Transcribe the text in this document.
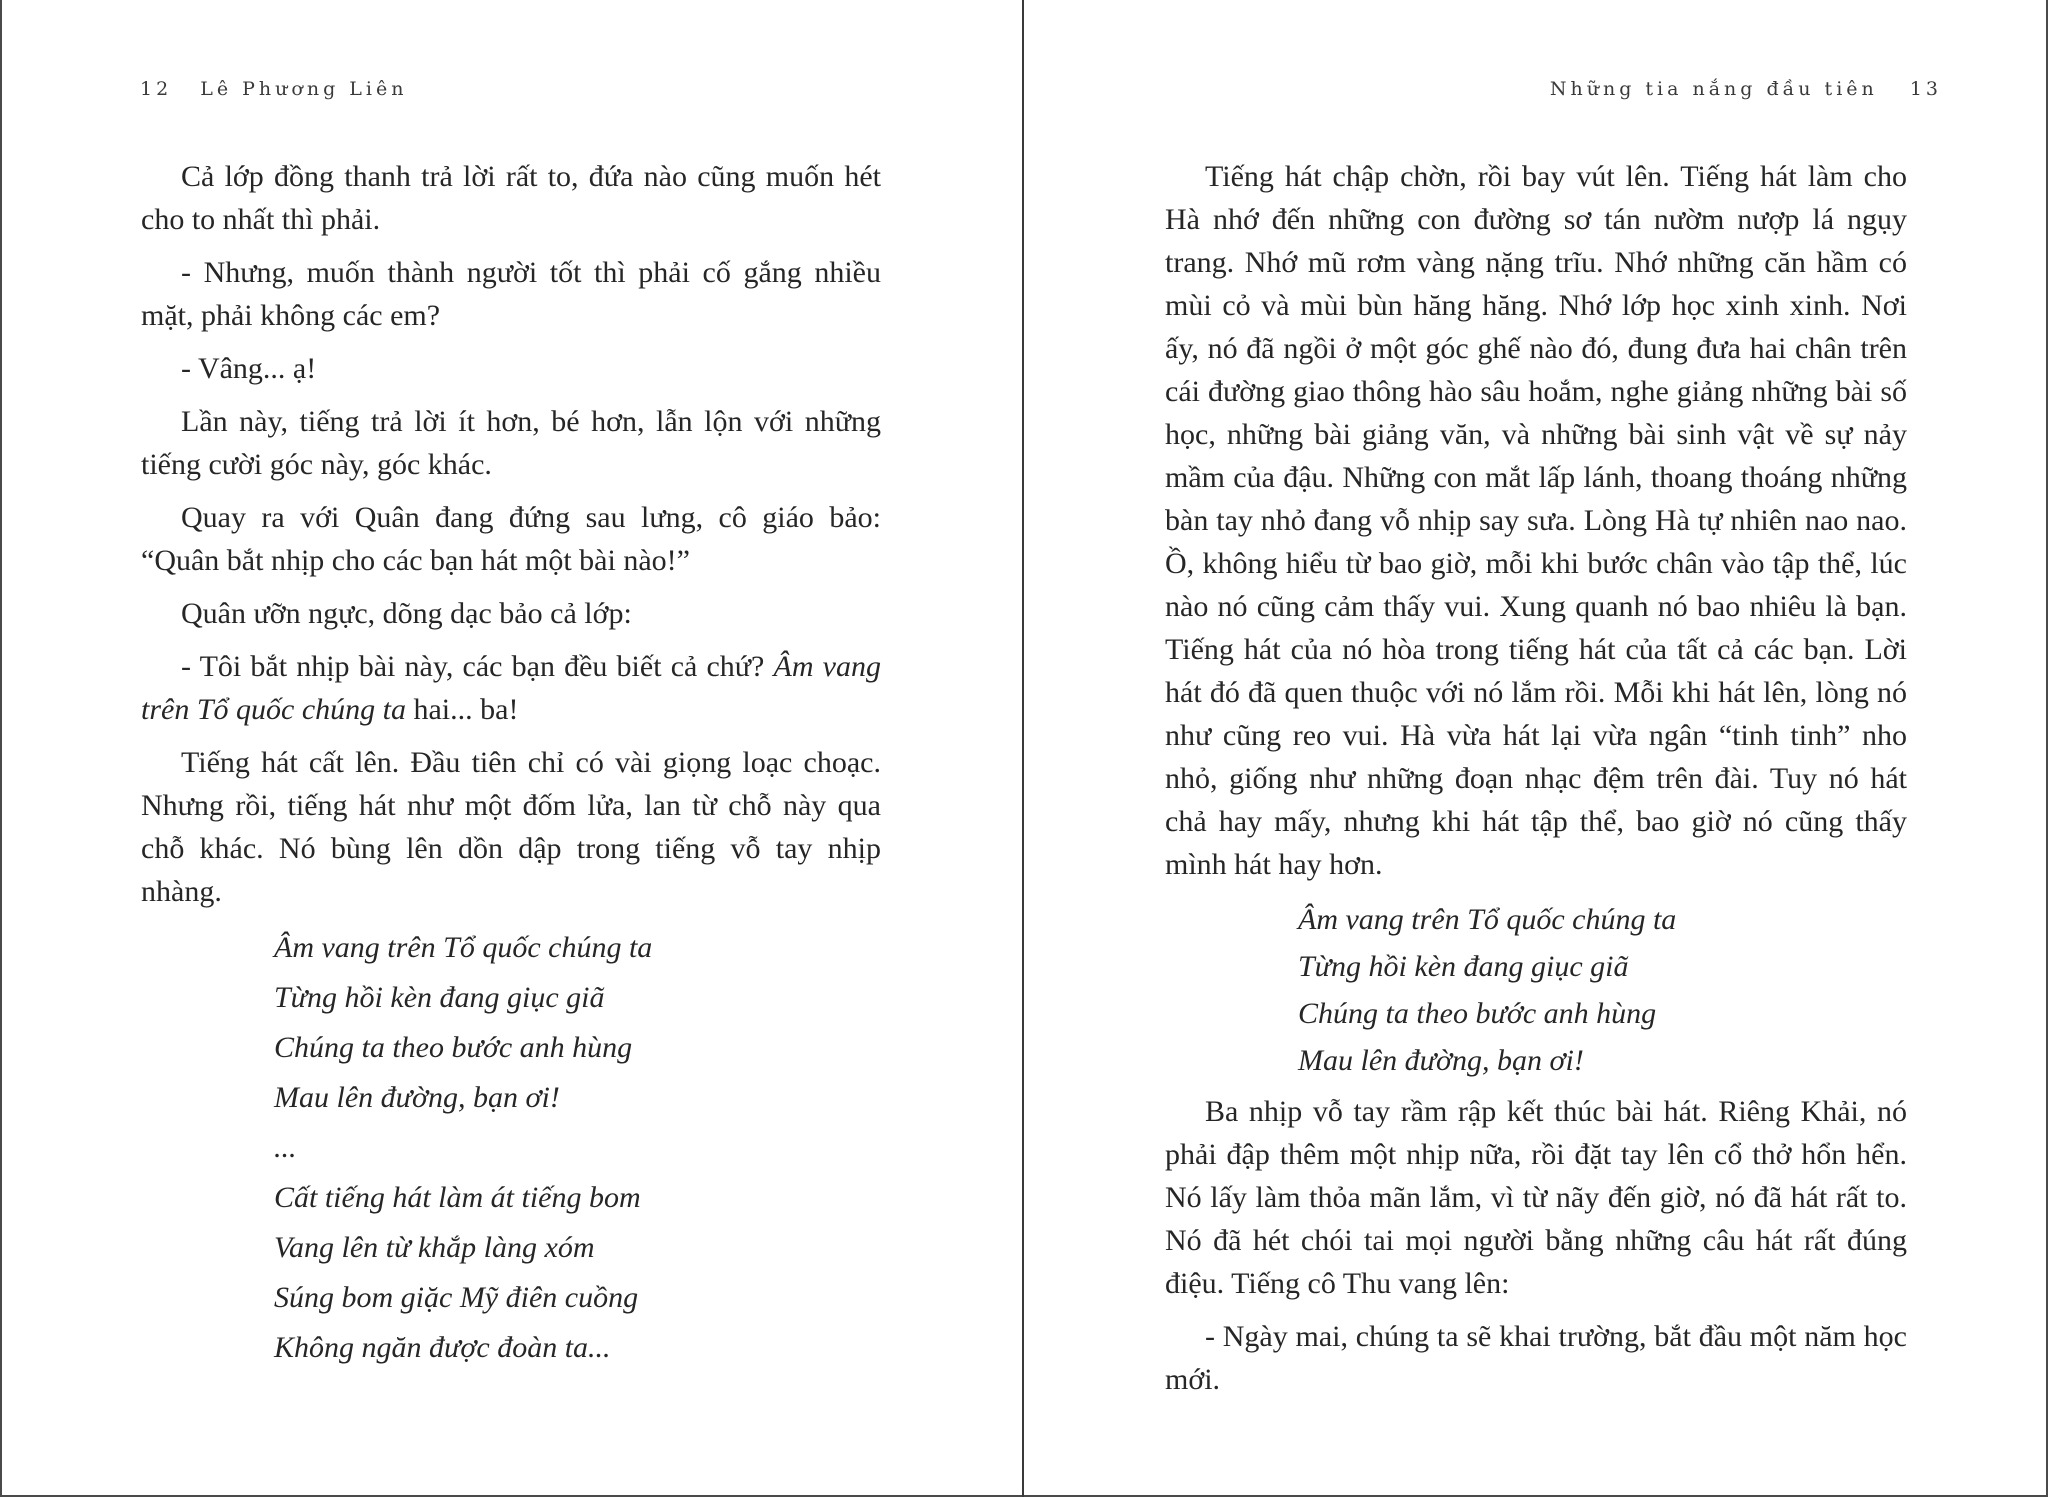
12 Lê Phương Liên

Cả lớp đồng thanh trả lời rất to, đứa nào cũng muốn hét cho to nhất thì phải.

- Nhưng, muốn thành người tốt thì phải cố gắng nhiều mặt, phải không các em?

- Vâng... ạ!

Lần này, tiếng trả lời ít hơn, bé hơn, lẫn lộn với những tiếng cười góc này, góc khác.

Quay ra với Quân đang đứng sau lưng, cô giáo bảo: “Quân bắt nhịp cho các bạn hát một bài nào!”

Quân ưỡn ngực, dõng dạc bảo cả lớp:

- Tôi bắt nhịp bài này, các bạn đều biết cả chứ? Âm vang trên Tổ quốc chúng ta hai... ba!

Tiếng hát cất lên. Đầu tiên chỉ có vài giọng loạc choạc. Nhưng rồi, tiếng hát như một đốm lửa, lan từ chỗ này qua chỗ khác. Nó bùng lên dồn dập trong tiếng vỗ tay nhịp nhàng.

Âm vang trên Tổ quốc chúng ta
Từng hồi kèn đang giục giã
Chúng ta theo bước anh hùng
Mau lên đường, bạn ơi!
...
Cất tiếng hát làm át tiếng bom
Vang lên từ khắp làng xóm
Súng bom giặc Mỹ điên cuồng
Không ngăn được đoàn ta...
Những tia nắng đầu tiên 13

Tiếng hát chập chờn, rồi bay vút lên. Tiếng hát làm cho Hà nhớ đến những con đường sơ tán nườm nượp lá ngụy trang. Nhớ mũ rơm vàng nặng trĩu. Nhớ những căn hầm có mùi cỏ và mùi bùn hăng hăng. Nhớ lớp học xinh xinh. Nơi ấy, nó đã ngồi ở một góc ghế nào đó, đung đưa hai chân trên cái đường giao thông hào sâu hoắm, nghe giảng những bài số học, những bài giảng văn, và những bài sinh vật về sự nảy mầm của đậu. Những con mắt lấp lánh, thoang thoáng những bàn tay nhỏ đang vỗ nhịp say sưa. Lòng Hà tự nhiên nao nao. Ồ, không hiểu từ bao giờ, mỗi khi bước chân vào tập thể, lúc nào nó cũng cảm thấy vui. Xung quanh nó bao nhiêu là bạn. Tiếng hát của nó hòa trong tiếng hát của tất cả các bạn. Lời hát đó đã quen thuộc với nó lắm rồi. Mỗi khi hát lên, lòng nó như cũng reo vui. Hà vừa hát lại vừa ngân “tinh tinh” nho nhỏ, giống như những đoạn nhạc đệm trên đài. Tuy nó hát chả hay mấy, nhưng khi hát tập thể, bao giờ nó cũng thấy mình hát hay hơn.

Âm vang trên Tổ quốc chúng ta
Từng hồi kèn đang giục giã
Chúng ta theo bước anh hùng
Mau lên đường, bạn ơi!

Ba nhịp vỗ tay rầm rập kết thúc bài hát. Riêng Khải, nó phải đập thêm một nhịp nữa, rồi đặt tay lên cổ thở hổn hển. Nó lấy làm thỏa mãn lắm, vì từ nãy đến giờ, nó đã hát rất to. Nó đã hét chói tai mọi người bằng những câu hát rất đúng điệu. Tiếng cô Thu vang lên:

- Ngày mai, chúng ta sẽ khai trường, bắt đầu một năm học mới.
